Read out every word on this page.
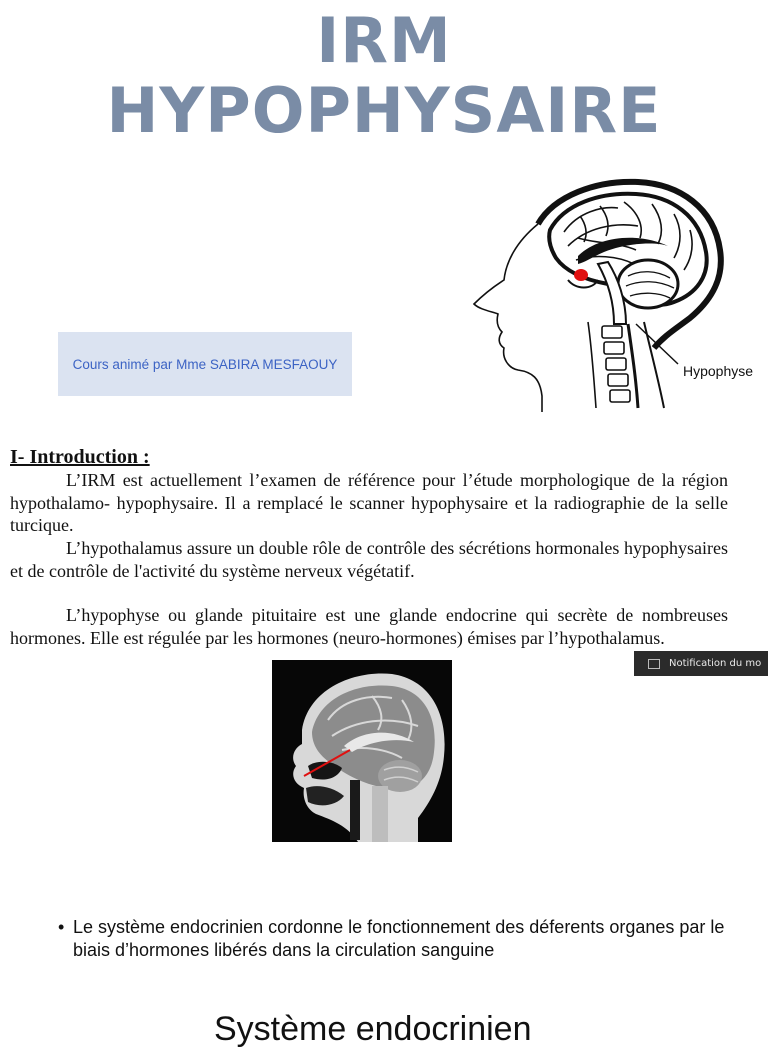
IRM
HYPOPHYSAIRE
Cours animé par Mme SABIRA MESFAOUY	Hypophyse
I- Introduction :
L’IRM est actuellement l’examen de référence pour l’étude morphologique de la région hypothalamo- hypophysaire. Il a remplacé le scanner hypophysaire et la radiographie de la selle turcique.
L’hypothalamus assure un double rôle de contrôle des sécrétions hormonales hypophysaires et de contrôle de l'activité du système nerveux végétatif.
L’hypophyse ou glande pituitaire est une glande endocrine qui secrète de nombreuses hormones. Elle est régulée par les hormones (neuro-hormones) émises par l’hypothalamus.
Notification du mo
• Le système endocrinien cordonne le fonctionnement des déferents organes par le biais d’hormones libérés dans la circulation sanguine
Système endocrinien
